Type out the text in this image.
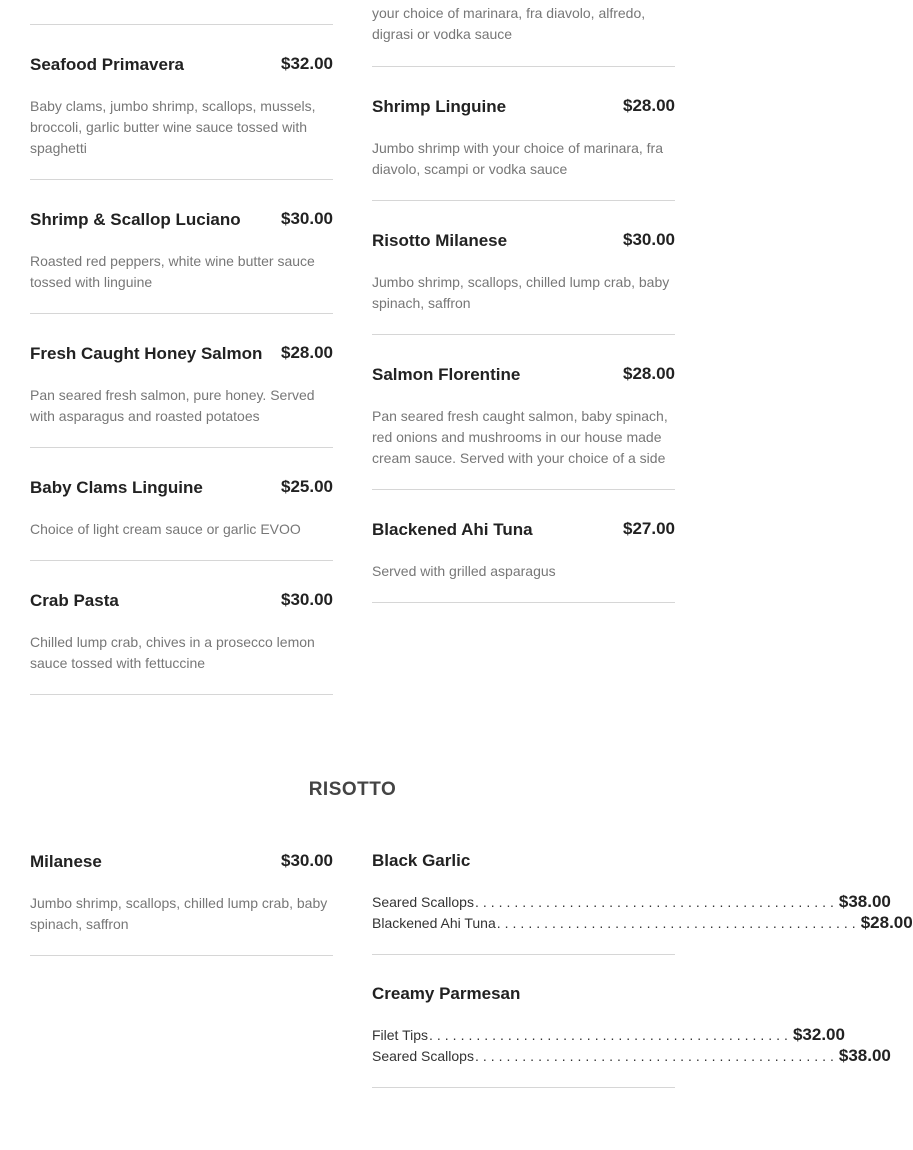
Seafood Primavera	$32.00
Baby clams, jumbo shrimp, scallops, mussels, broccoli, garlic butter wine sauce tossed with spaghetti
Shrimp & Scallop Luciano $30.00
Roasted red peppers, white wine butter sauce tossed with linguine
Fresh Caught Honey Salmon $28.00
Pan seared fresh salmon, pure honey. Served with asparagus and roasted potatoes
Baby Clams Linguine	$25.00
Choice of light cream sauce or garlic EVOO
Crab Pasta	$30.00
Chilled lump crab, chives in a prosecco lemon sauce tossed with fettuccine
Milanese	$30.00
Jumbo shrimp, scallops, chilled lump crab, baby spinach, saffron
your choice of marinara, fra diavolo, alfredo, digrasi or vodka sauce
Shrimp Linguine	$28.00
Jumbo shrimp with your choice of marinara, fra diavolo, scampi or vodka sauce
Risotto Milanese	$30.00
Jumbo shrimp, scallops, chilled lump crab, baby spinach, saffron
Salmon Florentine	$28.00
Pan seared fresh caught salmon, baby spinach, red onions and mushrooms in our house made cream sauce. Served with your choice of a side
Blackened Ahi Tuna	$27.00
Served with grilled asparagus
Black Garlic
Seared Scallops .............................................. $38.00
Blackened Ahi Tuna .............................................. $28.00
Creamy Parmesan
Filet Tips .............................................. $32.00
Seared Scallops .............................................. $38.00
RISOTTO
